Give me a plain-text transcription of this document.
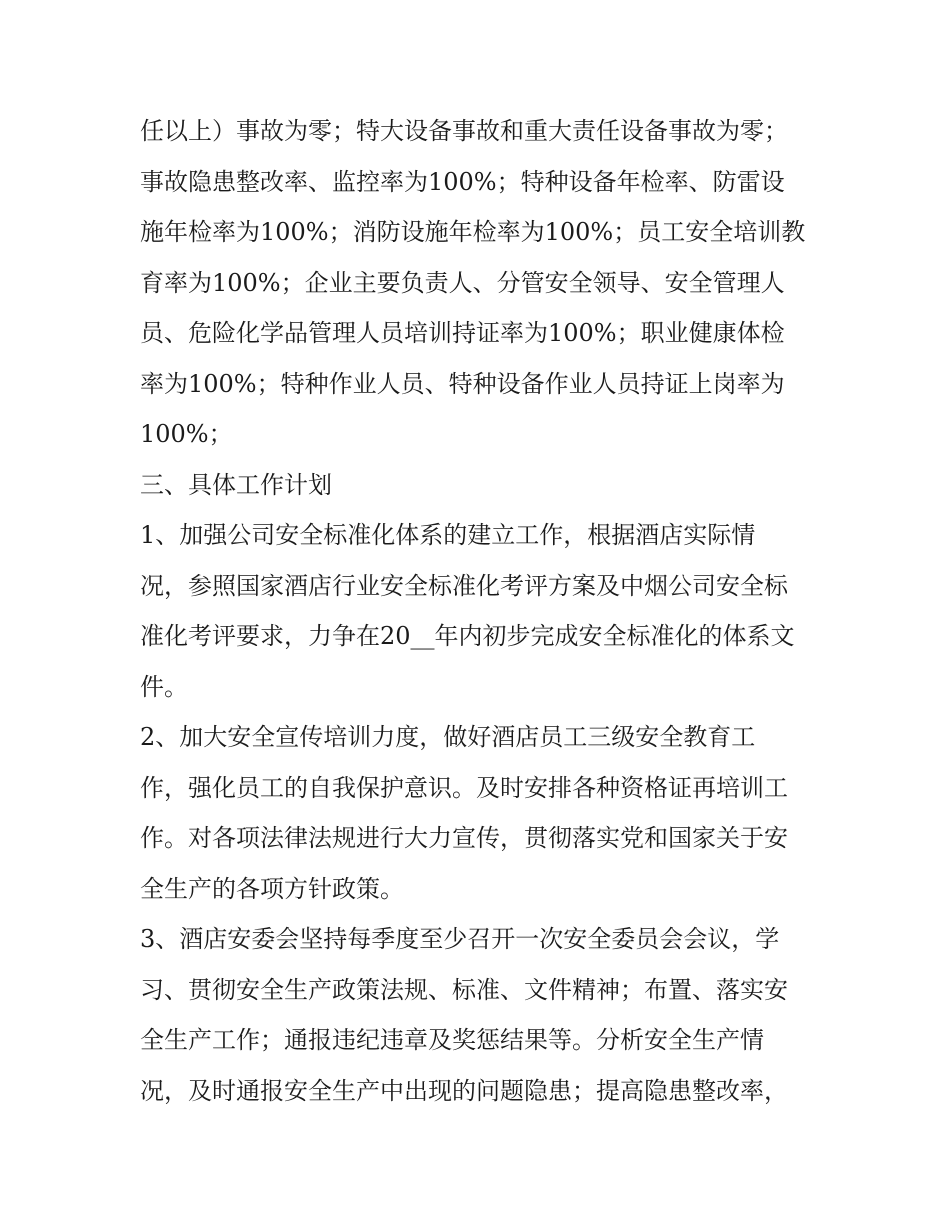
任以上）事故为零；特大设备事故和重大责任设备事故为零；
事故隐患整改率、监控率为100%；特种设备年检率、防雷设
施年检率为100%；消防设施年检率为100%；员工安全培训教
育率为100%；企业主要负责人、分管安全领导、安全管理人
员、危险化学品管理人员培训持证率为100%；职业健康体检
率为100%；特种作业人员、特种设备作业人员持证上岗率为
100%；
三、具体工作计划
1、加强公司安全标准化体系的建立工作，根据酒店实际情
况，参照国家酒店行业安全标准化考评方案及中烟公司安全标
准化考评要求，力争在20__年内初步完成安全标准化的体系文
件。
2、加大安全宣传培训力度，做好酒店员工三级安全教育工
作，强化员工的自我保护意识。及时安排各种资格证再培训工
作。对各项法律法规进行大力宣传，贯彻落实党和国家关于安
全生产的各项方针政策。
3、酒店安委会坚持每季度至少召开一次安全委员会会议，学
习、贯彻安全生产政策法规、标准、文件精神；布置、落实安
全生产工作；通报违纪违章及奖惩结果等。分析安全生产情
况，及时通报安全生产中出现的问题隐患；提高隐患整改率，
